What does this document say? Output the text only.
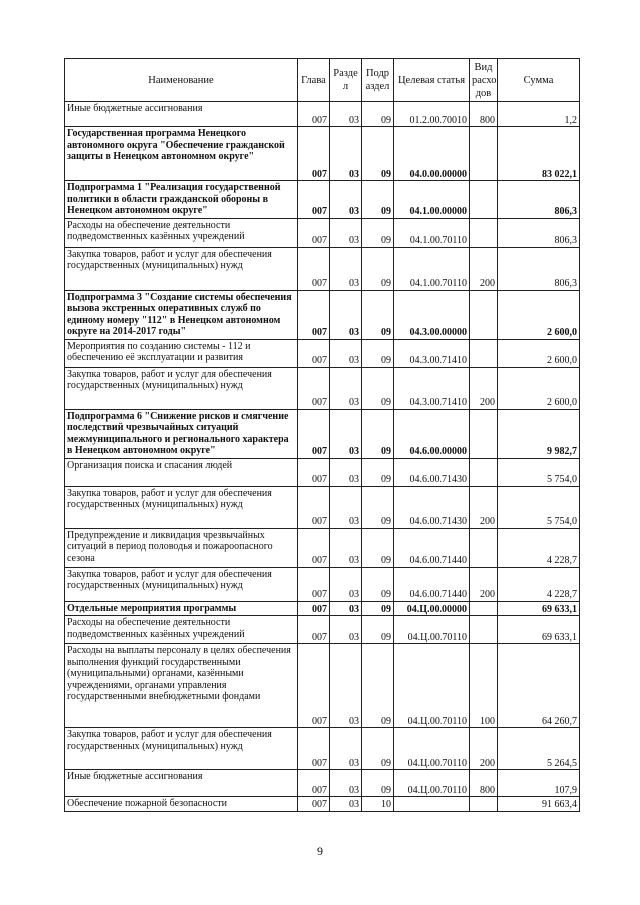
Наименование	Глава	Разде л	Подр аздел	Целевая статья	Вид расхо дов	Сумма
Иные бюджетные ассигнования	007	03	09	01.2.00.70010	800	1,2
Государственная программа Ненецкого автономного округа "Обеспечение гражданской защиты в Ненецком автономном округе"	007	03	09	04.0.00.00000		83 022,1
Подпрограмма 1 "Реализация государственной политики в области гражданской обороны в Ненецком автономном округе"	007	03	09	04.1.00.00000		806,3
Расходы на обеспечение деятельности подведомственных казённых учреждений	007	03	09	04.1.00.70110		806,3
Закупка товаров, работ и услуг для обеспечения государственных (муниципальных) нужд	007	03	09	04.1.00.70110	200	806,3
Подпрограмма 3 "Создание системы обеспечения вызова экстренных оперативных служб по единому номеру "112" в Ненецком автономном округе на 2014-2017 годы"	007	03	09	04.3.00.00000		2 600,0
Мероприятия по созданию системы - 112 и обеспечению её эксплуатации и развития	007	03	09	04.3.00.71410		2 600,0
Закупка товаров, работ и услуг для обеспечения государственных (муниципальных) нужд	007	03	09	04.3.00.71410	200	2 600,0
Подпрограмма 6 "Снижение рисков и смягчение последствий чрезвычайных ситуаций межмуниципального и регионального характера в Ненецком автономном округе"	007	03	09	04.6.00.00000		9 982,7
Организация поиска и спасания людей	007	03	09	04.6.00.71430		5 754,0
Закупка товаров, работ и услуг для обеспечения государственных (муниципальных) нужд	007	03	09	04.6.00.71430	200	5 754,0
Предупреждение и ликвидация чрезвычайных ситуаций в период половодья и пожароопасного сезона	007	03	09	04.6.00.71440		4 228,7
Закупка товаров, работ и услуг для обеспечения государственных (муниципальных) нужд	007	03	09	04.6.00.71440	200	4 228,7
Отдельные мероприятия программы	007	03	09	04.Ц.00.00000		69 633,1
Расходы на обеспечение деятельности подведомственных казённых учреждений	007	03	09	04.Ц.00.70110		69 633,1
Расходы на выплаты персоналу в целях обеспечения выполнения функций государственными (муниципальными) органами, казёнными учреждениями, органами управления государственными внебюджетными фондами	007	03	09	04.Ц.00.70110	100	64 260,7
Закупка товаров, работ и услуг для обеспечения государственных (муниципальных) нужд	007	03	09	04.Ц.00.70110	200	5 264,5
Иные бюджетные ассигнования	007	03	09	04.Ц.00.70110	800	107,9
Обеспечение пожарной безопасности	007	03	10			91 663,4
9
